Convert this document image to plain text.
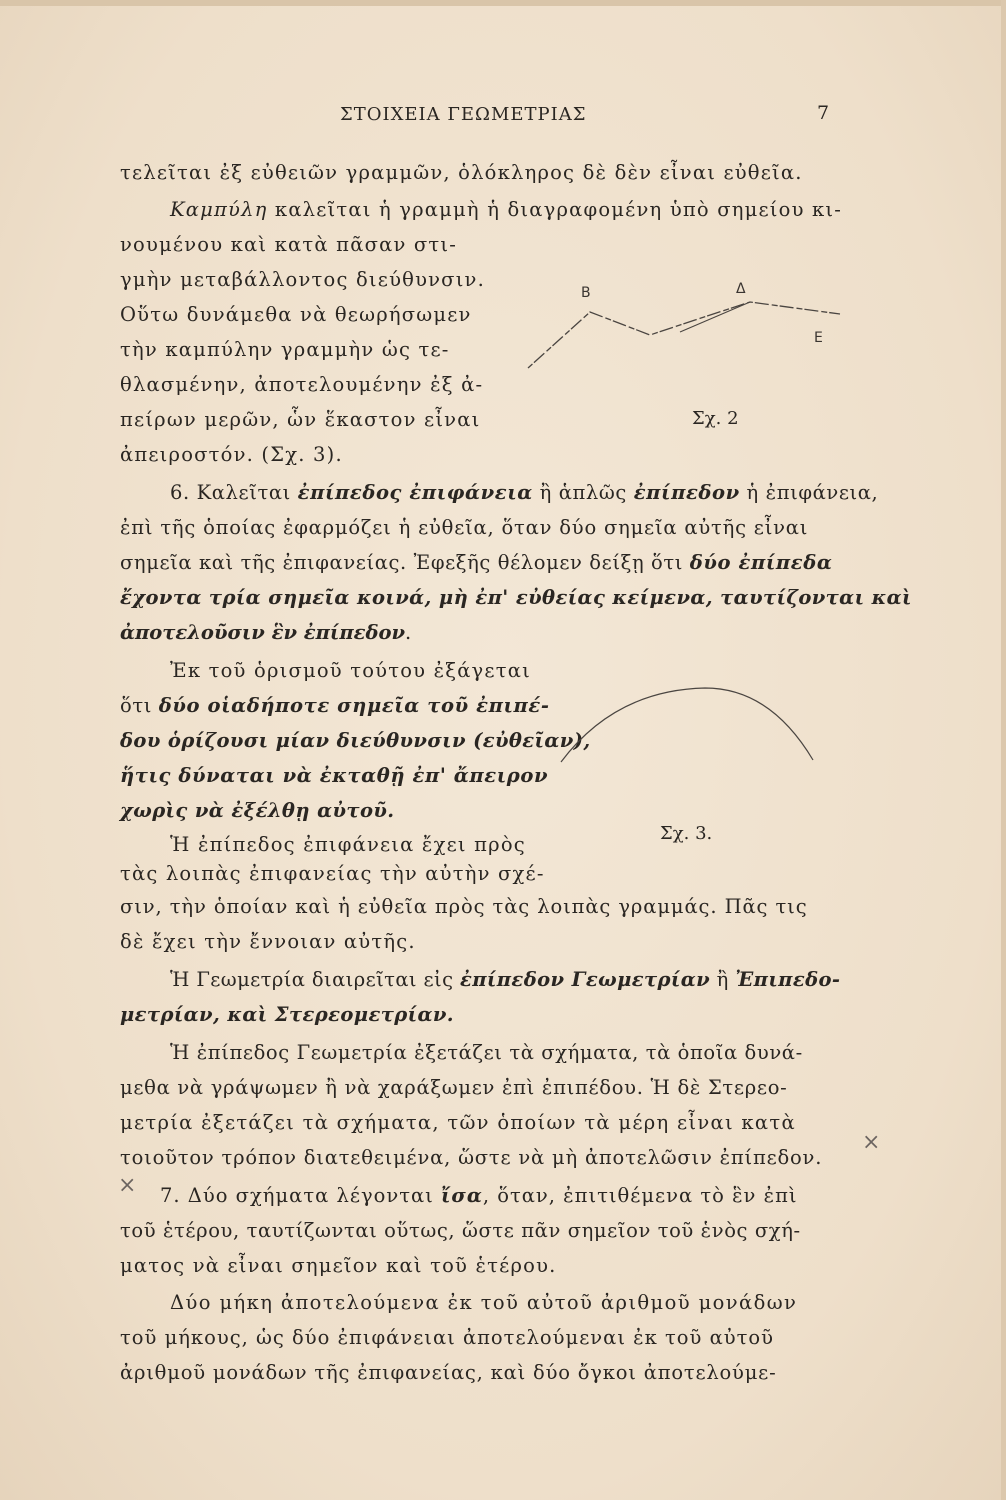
ΣΤΟΙΧΕΙΑ ΓΕΩΜΕΤΡΙΑΣ	7
τελεῖται ἐξ εὐθειῶν γραμμῶν, ὁλόκληρος δὲ δὲν εἶναι εὐθεῖα.
Καμπύλη καλεῖται ἡ γραμμὴ ἡ διαγραφομένη ὑπὸ σημείου κι-
νουμένου καὶ κατὰ πᾶσαν στι-
γμὴν μεταβάλλοντος διεύθυνσιν.
Οὕτω δυνάμεθα νὰ θεωρήσωμεν
τὴν καμπύλην γραμμὴν ὡς τε-
θλασμένην, ἀποτελουμένην ἐξ ἀ-
πείρων μερῶν, ὧν ἕκαστον εἶναι
ἀπειροστόν. (Σχ. 3).
6. Καλεῖται ἐπίπεδος ἐπιφάνεια ἢ ἁπλῶς ἐπίπεδον ἡ ἐπιφάνεια,
ἐπὶ τῆς ὁποίας ἐφαρμόζει ἡ εὐθεῖα, ὅταν δύο σημεῖα αὐτῆς εἶναι
σημεῖα καὶ τῆς ἐπιφανείας. Ἐφεξῆς θέλομεν δείξῃ ὅτι δύο ἐπίπεδα
ἔχοντα τρία σημεῖα κοινά, μὴ ἐπ' εὐθείας κείμενα, ταυτίζονται καὶ
ἀποτελοῦσιν ἓν ἐπίπεδον.
Ἐκ τοῦ ὁρισμοῦ τούτου ἐξάγεται
ὅτι δύο οἱαδήποτε σημεῖα τοῦ ἐπιπέ-
δου ὁρίζουσι μίαν διεύθυνσιν (εὐθεῖαν),
ἥτις δύναται νὰ ἐκταθῇ ἐπ' ἄπειρον
χωρὶς νὰ ἐξέλθῃ αὐτοῦ.
Ἡ ἐπίπεδος ἐπιφάνεια ἔχει πρὸς
τὰς λοιπὰς ἐπιφανείας τὴν αὐτὴν σχέ-
σιν, τὴν ὁποίαν καὶ ἡ εὐθεῖα πρὸς τὰς λοιπὰς γραμμάς. Πᾶς τις
δὲ ἔχει τὴν ἔννοιαν αὐτῆς.
Ἡ Γεωμετρία διαιρεῖται εἰς ἐπίπεδον Γεωμετρίαν ἢ Ἐπιπεδο-
μετρίαν, καὶ Στερεομετρίαν.
Ἡ ἐπίπεδος Γεωμετρία ἐξετάζει τὰ σχήματα, τὰ ὁποῖα δυνά-
μεθα νὰ γράψωμεν ἢ νὰ χαράξωμεν ἐπὶ ἐπιπέδου. Ἡ δὲ Στερεο-
μετρία ἐξετάζει τὰ σχήματα, τῶν ὁποίων τὰ μέρη εἶναι κατὰ
τοιοῦτον τρόπον διατεθειμένα, ὥστε νὰ μὴ ἀποτελῶσιν ἐπίπεδον.
7. Δύο σχήματα λέγονται ἴσα, ὅταν, ἐπιτιθέμενα τὸ ἓν ἐπὶ
τοῦ ἑτέρου, ταυτίζωνται οὕτως, ὥστε πᾶν σημεῖον τοῦ ἑνὸς σχή-
ματος νὰ εἶναι σημεῖον καὶ τοῦ ἑτέρου.
Δύο μήκη ἀποτελούμενα ἐκ τοῦ αὐτοῦ ἀριθμοῦ μονάδων
τοῦ μήκους, ὡς δύο ἐπιφάνειαι ἀποτελούμεναι ἐκ τοῦ αὐτοῦ
ἀριθμοῦ μονάδων τῆς ἐπιφανείας, καὶ δύο ὄγκοι ἀποτελούμε-
Β	Δ
Ε
Σχ. 2
Σχ. 3.
×
×
